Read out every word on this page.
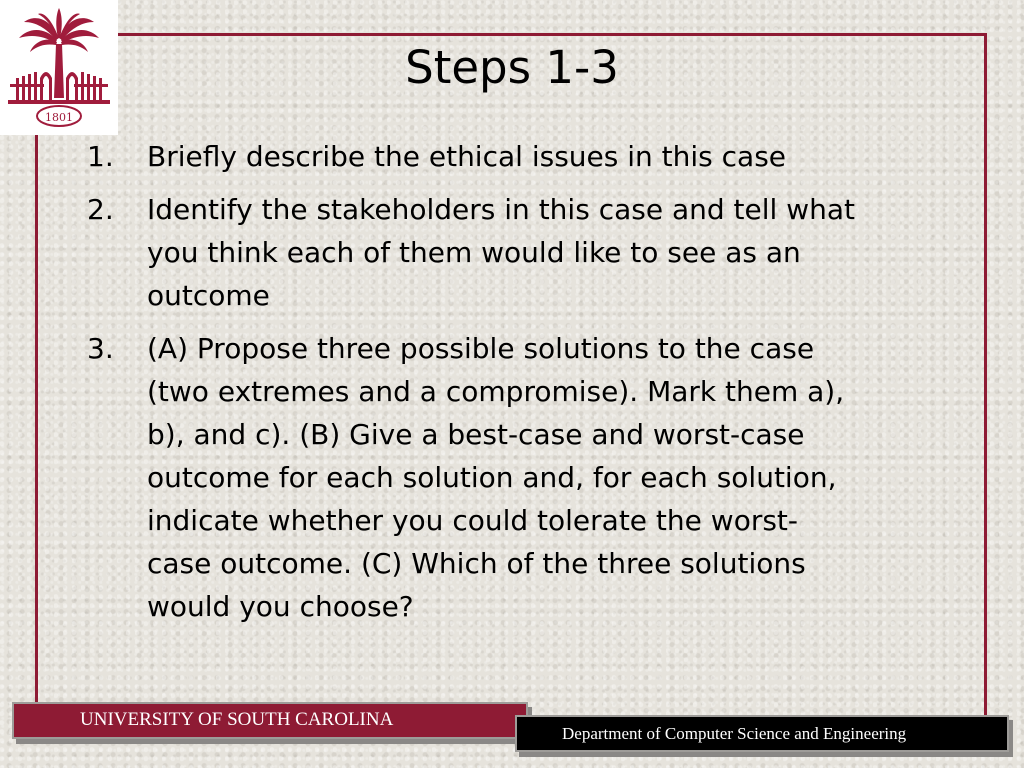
1801
Steps 1-3
1.	Briefly describe the ethical issues in this case
2.	Identify the stakeholders in this case and tell what
you think each of them would like to see as an
outcome
3.	(A) Propose three possible solutions to the case
(two extremes and a compromise). Mark them a),
b), and c). (B) Give a best-case and worst-case
outcome for each solution and, for each solution,
indicate whether you could tolerate the worst-
case outcome. (C) Which of the three solutions
would you choose?
UNIVERSITY OF SOUTH CAROLINA
Department of Computer Science and Engineering
